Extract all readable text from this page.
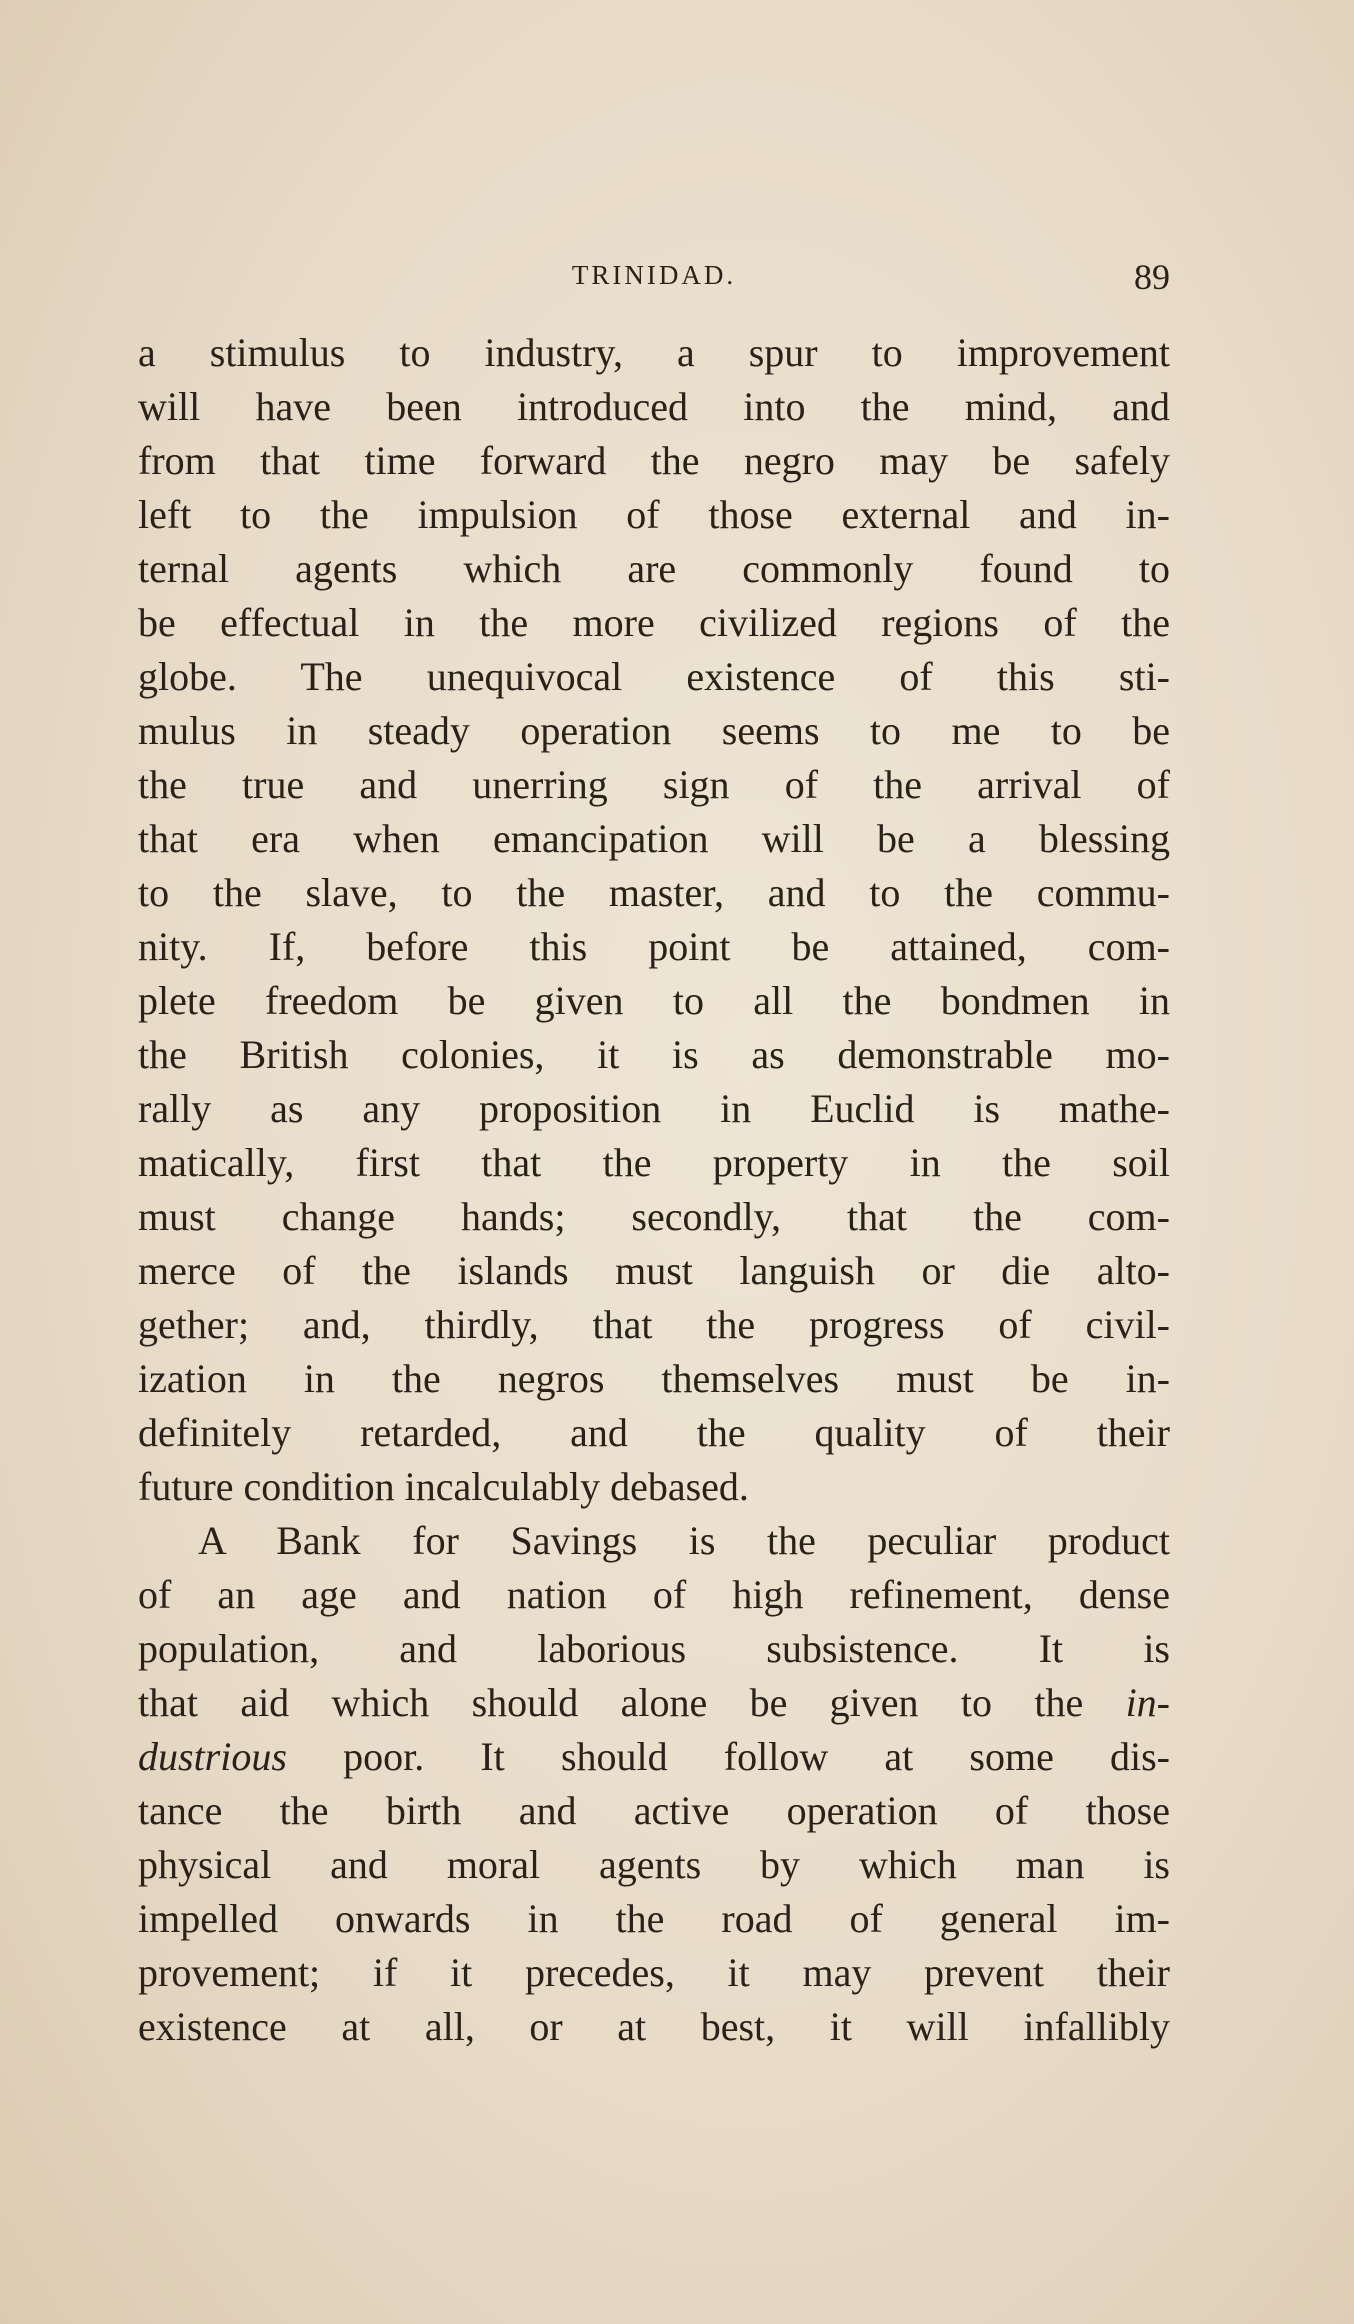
TRINIDAD.	89
a stimulus to industry, a spur to improvement
will have been introduced into the mind, and
from that time forward the negro may be safely
left to the impulsion of those external and in-
ternal agents which are commonly found to
be effectual in the more civilized regions of the
globe. The unequivocal existence of this sti-
mulus in steady operation seems to me to be
the true and unerring sign of the arrival of
that era when emancipation will be a blessing
to the slave, to the master, and to the commu-
nity. If, before this point be attained, com-
plete freedom be given to all the bondmen in
the British colonies, it is as demonstrable mo-
rally as any proposition in Euclid is mathe-
matically, first that the property in the soil
must change hands; secondly, that the com-
merce of the islands must languish or die alto-
gether; and, thirdly, that the progress of civil-
ization in the negros themselves must be in-
definitely retarded, and the quality of their
future condition incalculably debased.
A Bank for Savings is the peculiar product
of an age and nation of high refinement, dense
population, and laborious subsistence. It is
that aid which should alone be given to the in-
dustrious poor. It should follow at some dis-
tance the birth and active operation of those
physical and moral agents by which man is
impelled onwards in the road of general im-
provement; if it precedes, it may prevent their
existence at all, or at best, it will infallibly
